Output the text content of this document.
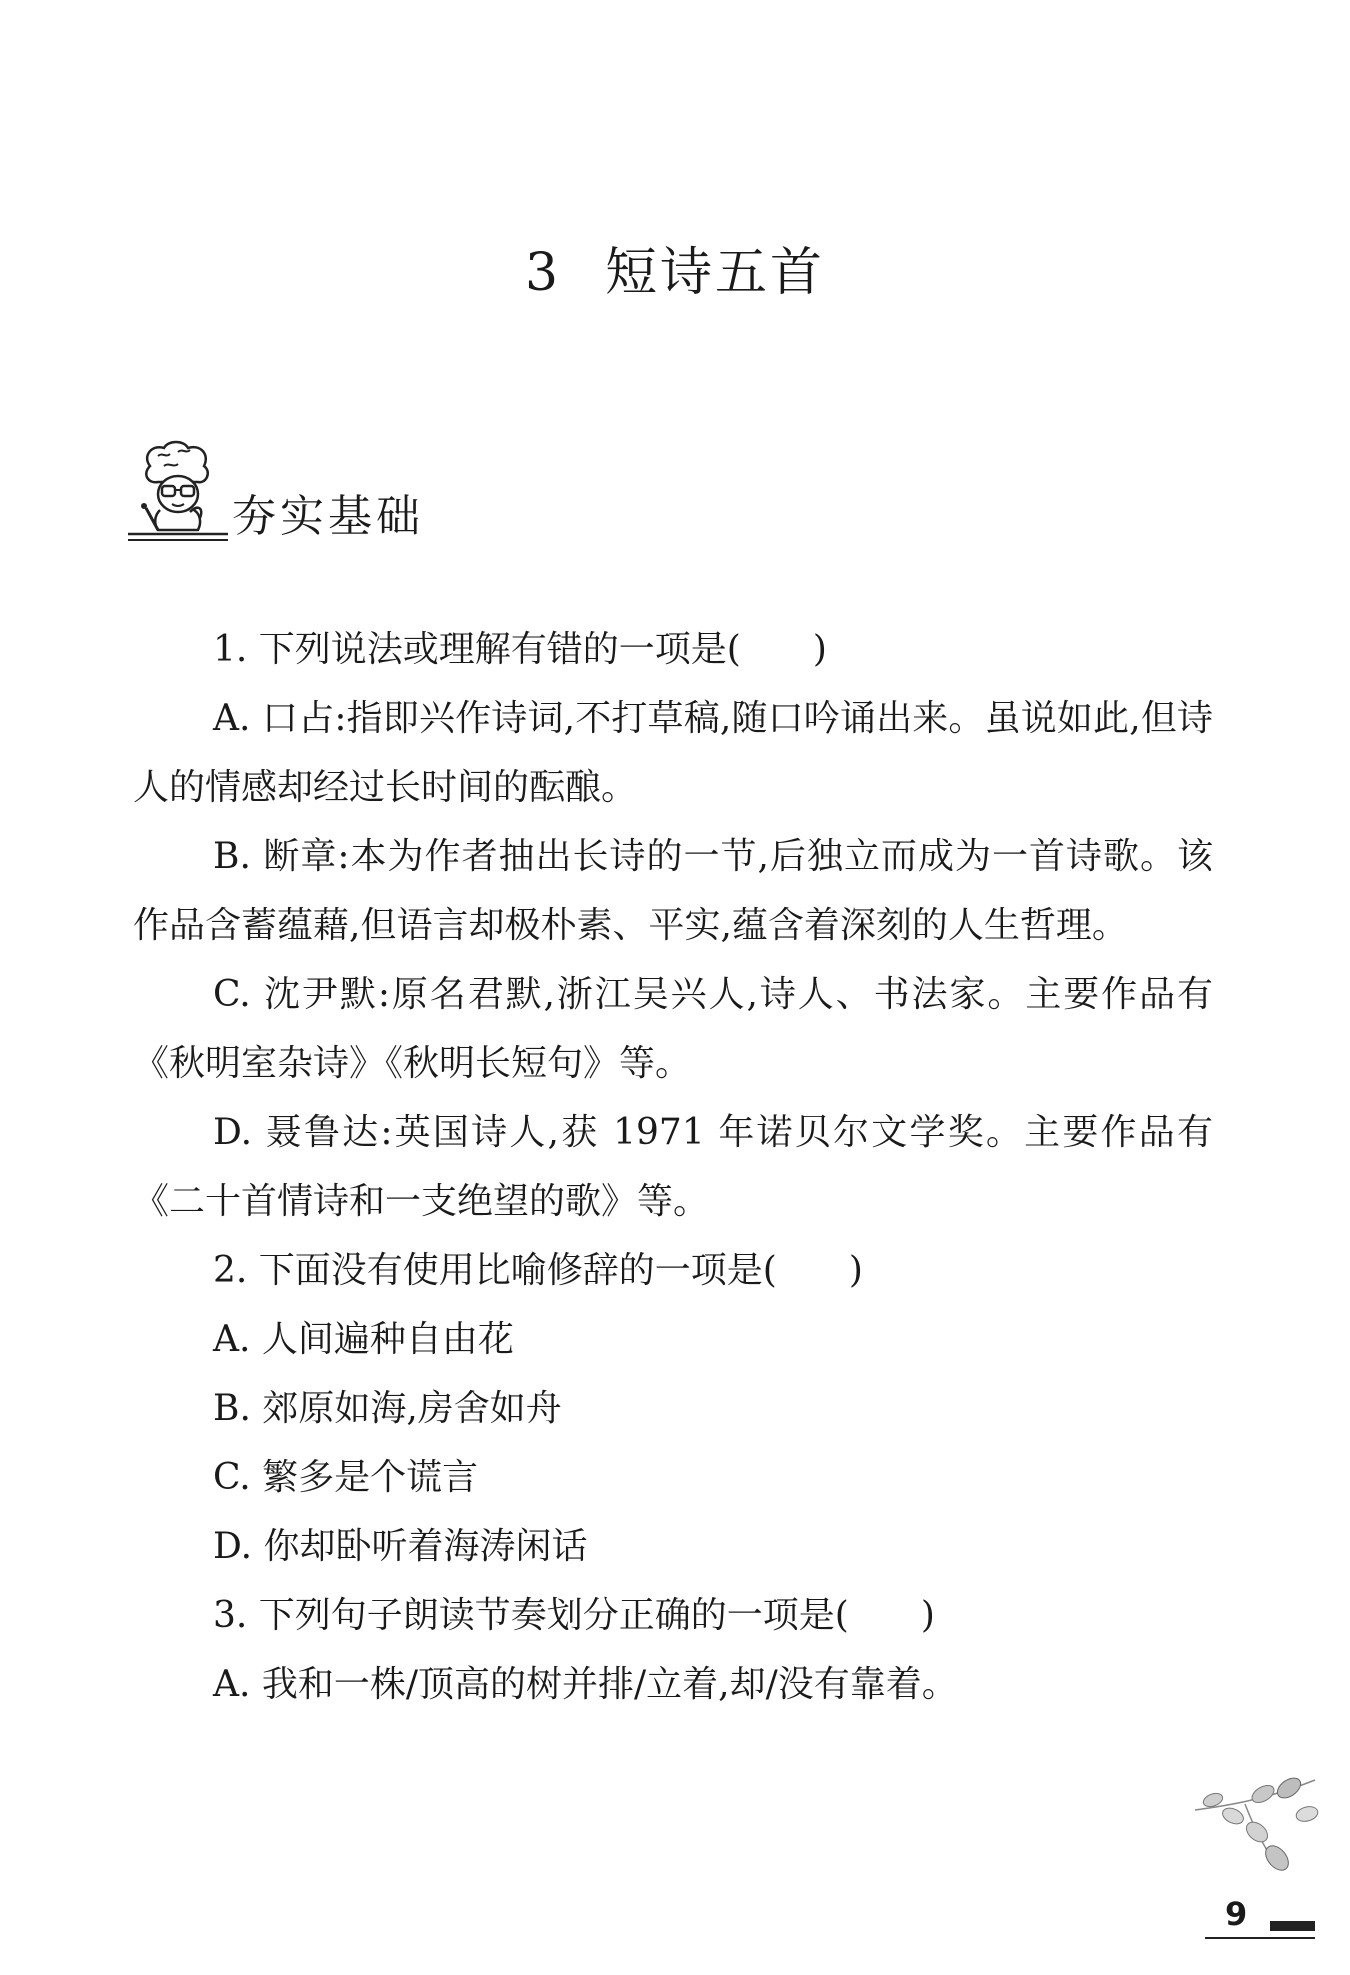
3 短诗五首
夯实基础

1. 下列说法或理解有错的一项是(　　)

A. 口占:指即兴作诗词,不打草稿,随口吟诵出来。虽说如此,但诗人的情感却经过长时间的酝酿。

B. 断章:本为作者抽出长诗的一节,后独立而成为一首诗歌。该作品含蓄蕴藉,但语言却极朴素、平实,蕴含着深刻的人生哲理。

C. 沈尹默:原名君默,浙江吴兴人,诗人、书法家。主要作品有《秋明室杂诗》《秋明长短句》等。

D. 聂鲁达:英国诗人,获 1971 年诺贝尔文学奖。主要作品有《二十首情诗和一支绝望的歌》等。

2. 下面没有使用比喻修辞的一项是(　　)

A. 人间遍种自由花

B. 郊原如海,房舍如舟

C. 繁多是个谎言

D. 你却卧听着海涛闲话

3. 下列句子朗读节奏划分正确的一项是(　　)

A. 我和一株/顶高的树并排/立着,却/没有靠着。

9
